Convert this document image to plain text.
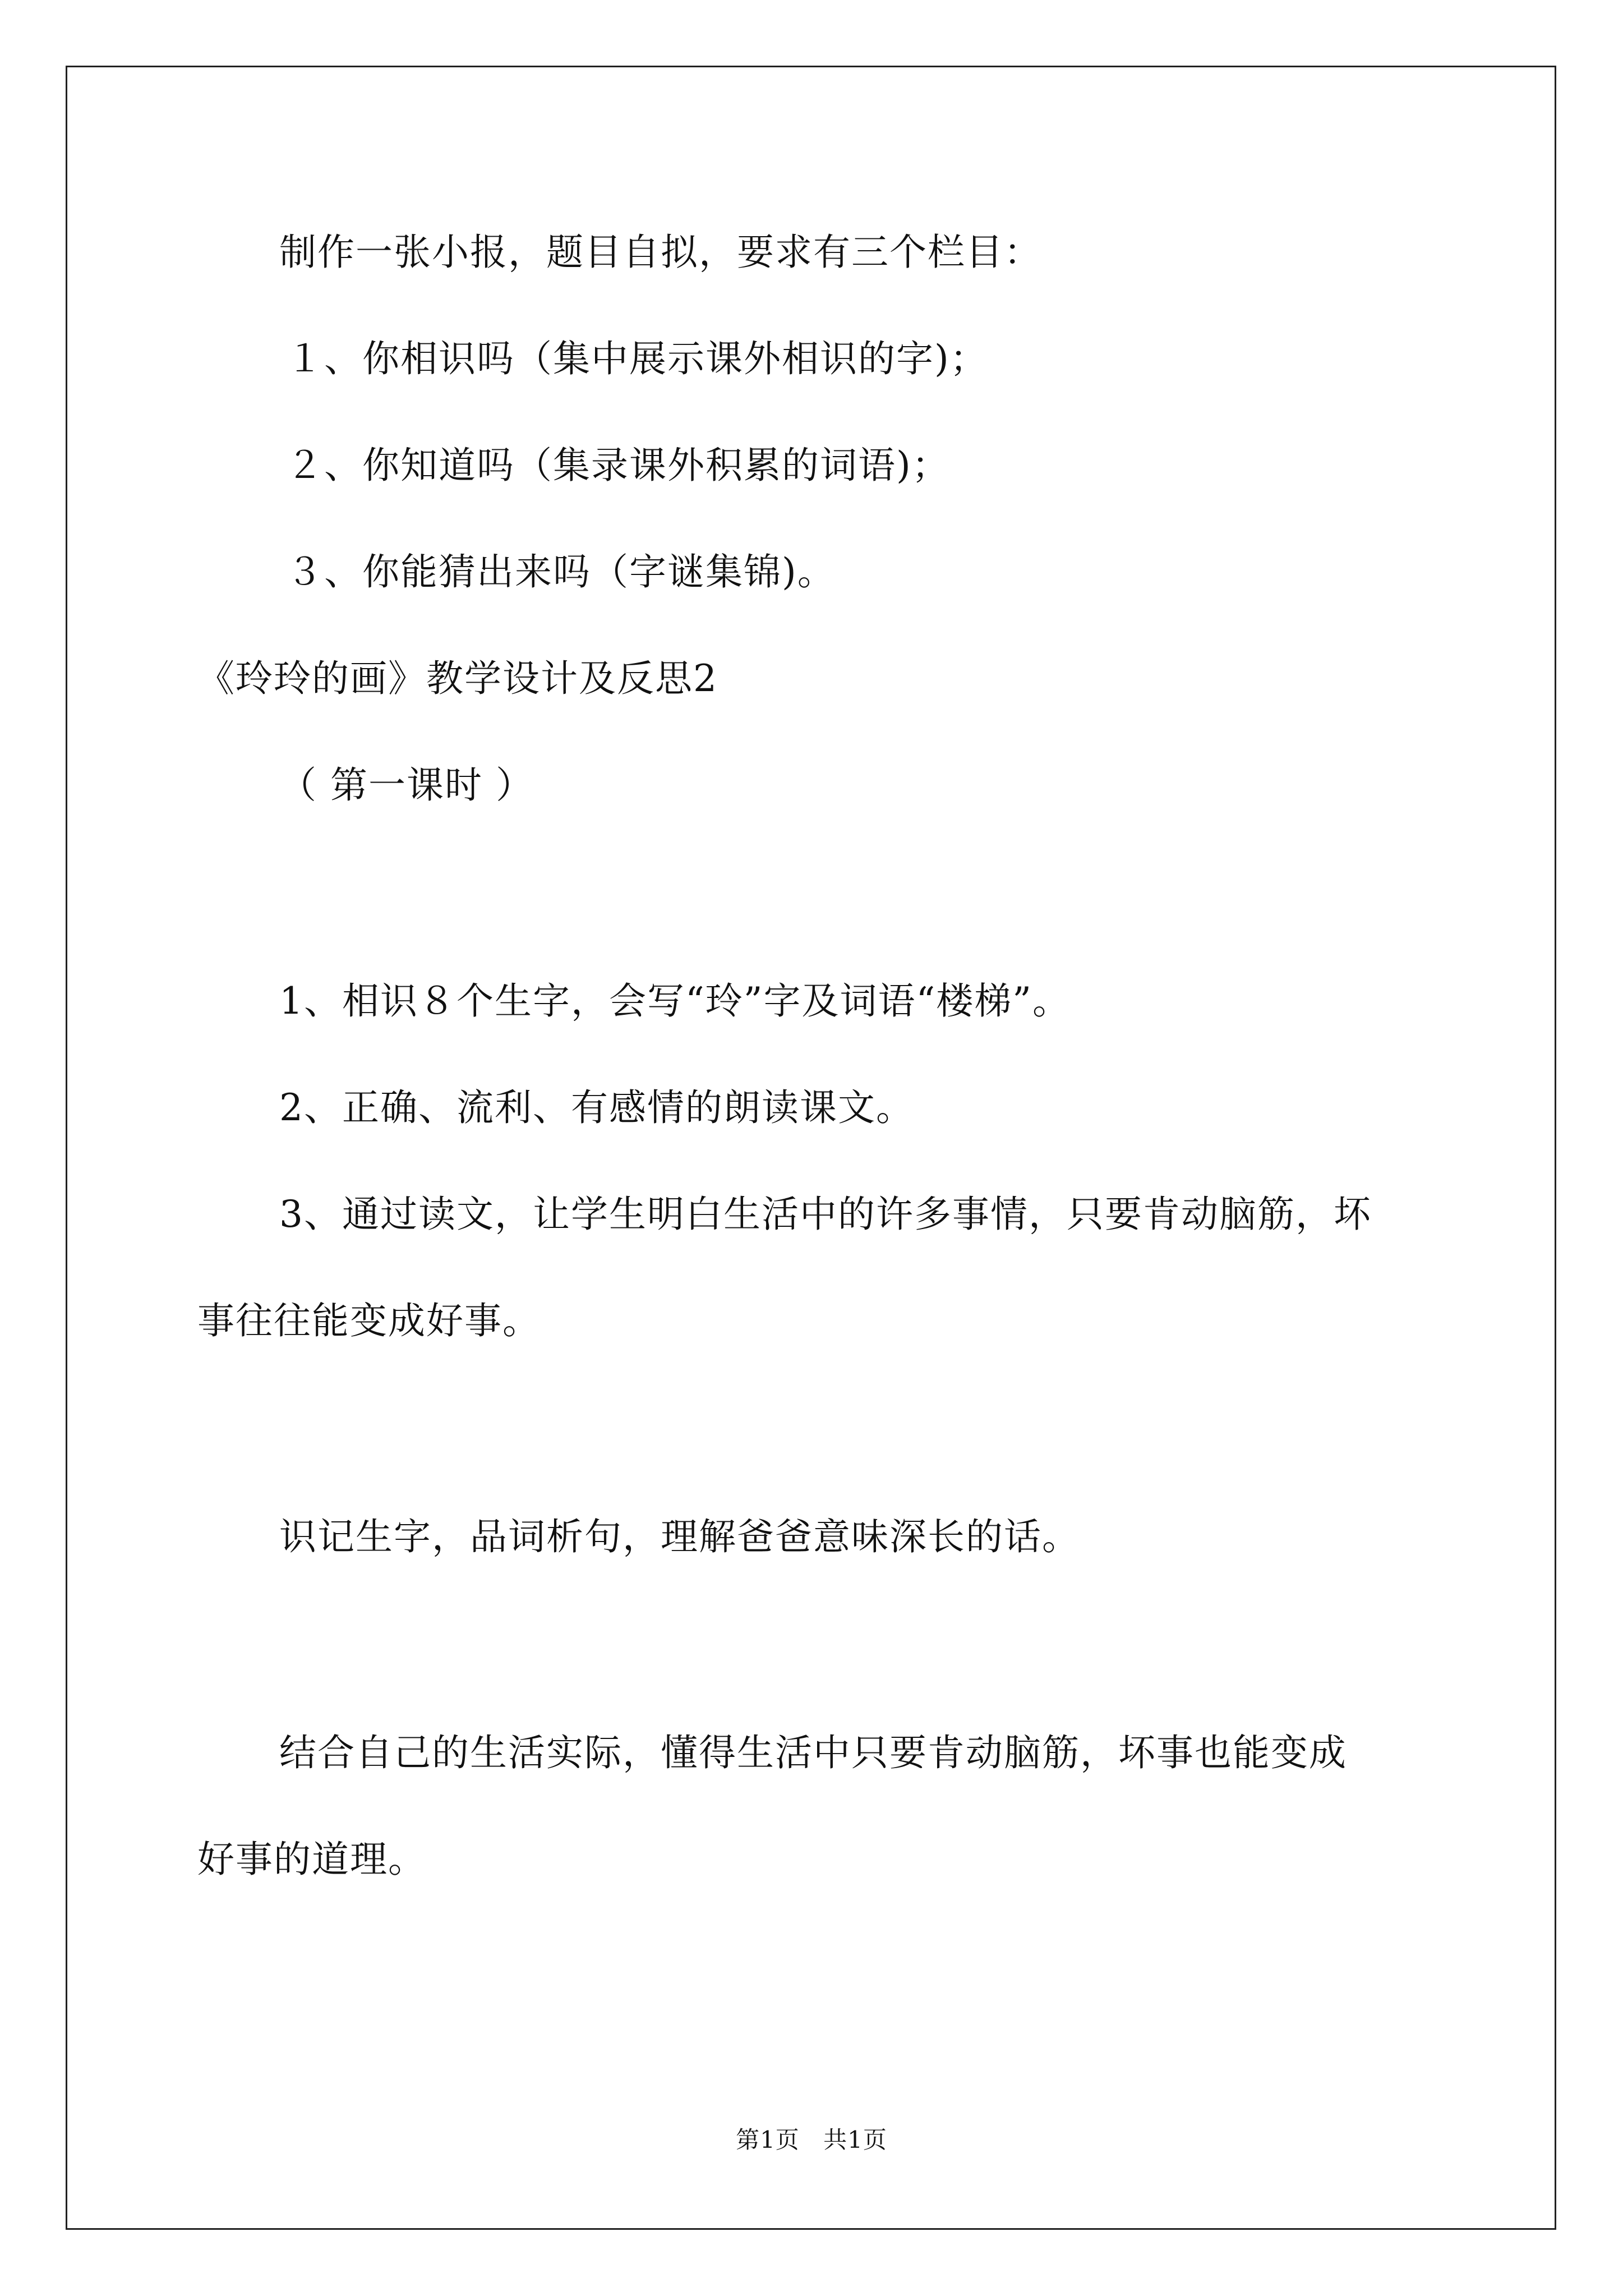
制作一张小报，题目自拟，要求有三个栏目：
１、你相识吗（集中展示课外相识的字)；
２、你知道吗（集录课外积累的词语)；
３、你能猜出来吗（字谜集锦)。
《玲玲的画》教学设计及反思2
（ 第一课时 ）
1、相识８个生字，会写“玲”字及词语“楼梯”。
2、正确、流利、有感情的朗读课文。
3、通过读文，让学生明白生活中的许多事情，只要肯动脑筋，坏
事往往能变成好事。
识记生字，品词析句，理解爸爸意味深长的话。
结合自己的生活实际，懂得生活中只要肯动脑筋，坏事也能变成
好事的道理。
第1页 共1页
